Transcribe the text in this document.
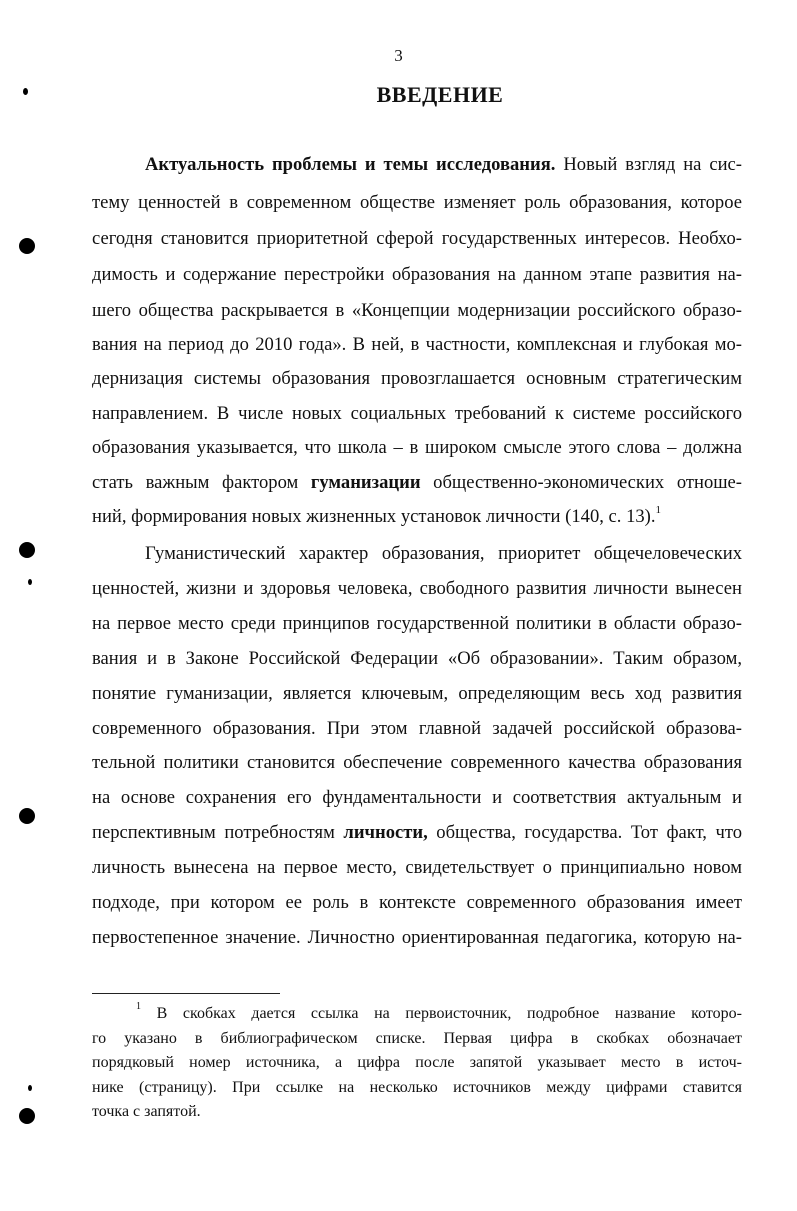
3
ВВЕДЕНИЕ
Актуальность проблемы и темы исследования. Новый взгляд на сис-
тему ценностей в современном обществе изменяет роль образования, которое
сегодня становится приоритетной сферой государственных интересов. Необхо-
димость и содержание перестройки образования на данном этапе развития на-
шего общества раскрывается в «Концепции модернизации российского образо-
вания на период до 2010 года». В ней, в частности, комплексная и глубокая мо-
дернизация системы образования провозглашается основным стратегическим
направлением. В числе новых социальных требований к системе российского
образования указывается, что школа – в широком смысле этого слова – должна
стать важным фактором гуманизации общественно-экономических отноше-
ний, формирования новых жизненных установок личности (140, с. 13).$^1$
Гуманистический характер образования, приоритет общечеловеческих
ценностей, жизни и здоровья человека, свободного развития личности вынесен
на первое место среди принципов государственной политики в области образо-
вания и в Законе Российской Федерации «Об образовании». Таким образом,
понятие гуманизации, является ключевым, определяющим весь ход развития
современного образования. При этом главной задачей российской образова-
тельной политики становится обеспечение современного качества образования
на основе сохранения его фундаментальности и соответствия актуальным и
перспективным потребностям личности, общества, государства. Тот факт, что
личность вынесена на первое место, свидетельствует о принципиально новом
подходе, при котором ее роль в контексте современного образования имеет
первостепенное значение. Личностно ориентированная педагогика, которую на-
$^1$ В скобках дается ссылка на первоисточник, подробное название которо-
го указано в библиографическом списке. Первая цифра в скобках обозначает
порядковый номер источника, а цифра после запятой указывает место в источ-
нике (страницу). При ссылке на несколько источников между цифрами ставится
точка с запятой.
